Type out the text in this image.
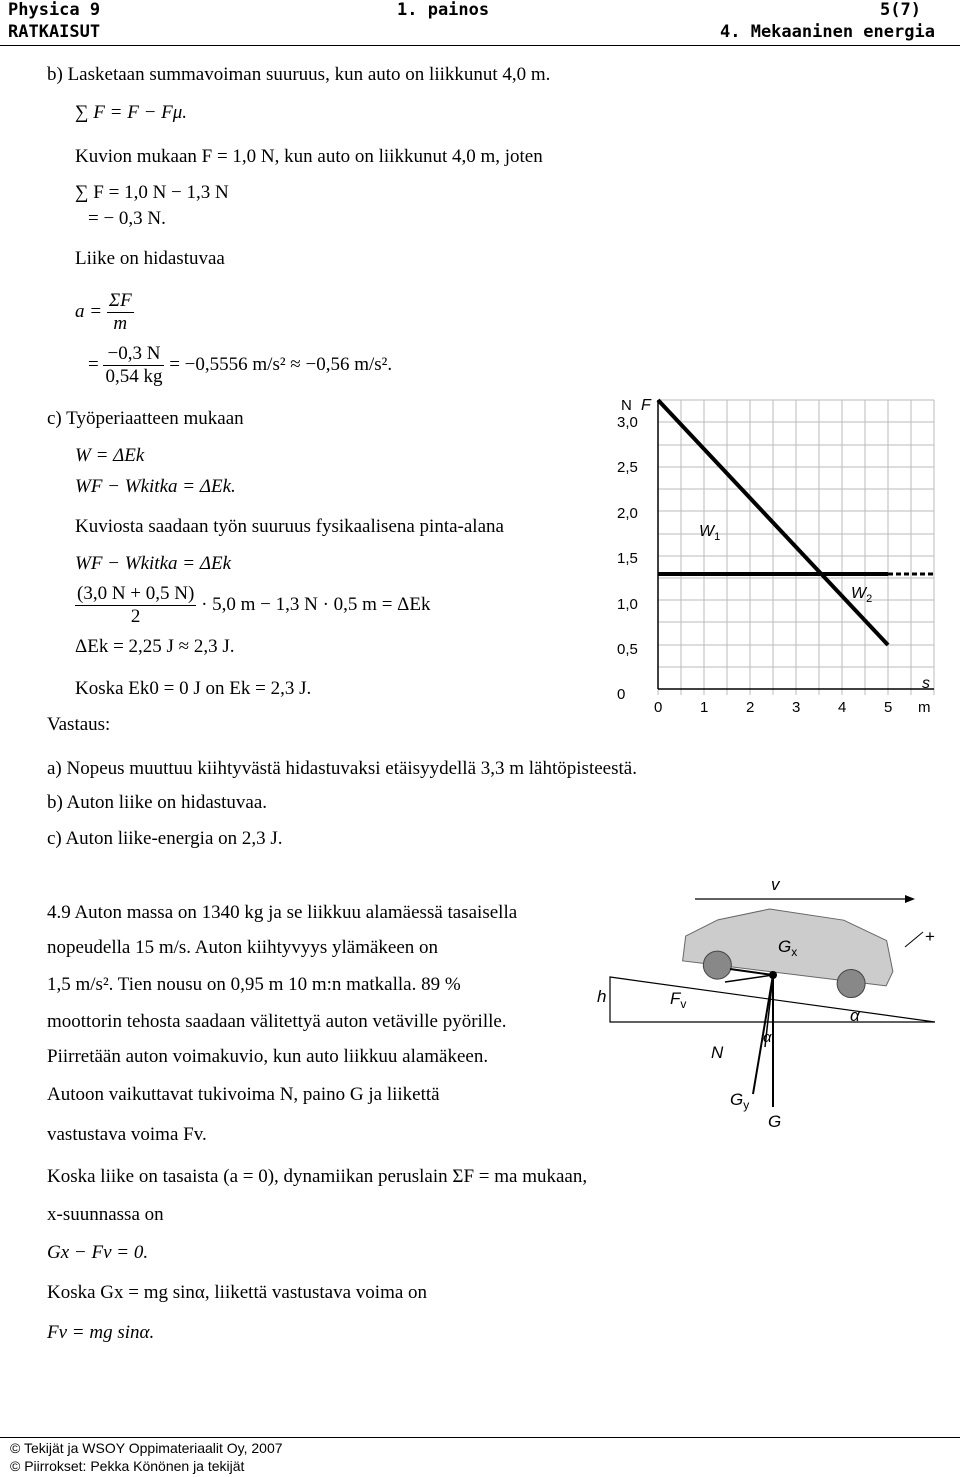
Physica 9	1. painos	5(7)
RATKAISUT	4. Mekaaninen energia
b) Lasketaan summavoiman suuruus, kun auto on liikkunut 4,0 m.
∑ F = F − Fμ.
Kuvion mukaan F = 1,0 N, kun auto on liikkunut 4,0 m, joten
∑ F = 1,0 N − 1,3 N
= − 0,3 N.
Liike on hidastuvaa
$a = \frac{\Sigma F}{m}$
= $\frac{-0,3 N}{0,54 kg} = -0,5556$ m/s² ≈ −0,56 m/s².
c) Työperiaatteen mukaan
W = ΔEk
WF − Wkitka = ΔEk.
Kuviosta saadaan työn suuruus fysikaalisena pinta-alana
WF − Wkitka = ΔEk
$\frac{(3,0 N + 0,5 N)}{2} \cdot 5,0$ m − 1,3 N · 0,5 m = ΔEk
ΔEk = 2,25 J ≈ 2,3 J.
Koska Ek0 = 0 J on Ek = 2,3 J.
Vastaus:
a) Nopeus muuttuu kiihtyvästä hidastuvaksi etäisyydellä 3,3 m lähtöpisteestä.
b) Auton liike on hidastuvaa.
c) Auton liike-energia on 2,3 J.
4.9 Auton massa on 1340 kg ja se liikkuu alamäessä tasaisella
nopeudella 15 m/s. Auton kiihtyvyys ylämäkeen on
1,5 m/s². Tien nousu on 0,95 m 10 m:n matkalla. 89 %
moottorin tehosta saadaan välitettyä auton vetäville pyörille.
Piirretään auton voimakuvio, kun auto liikkuu alamäkeen.
Autoon vaikuttavat tukivoima N, paino G ja liikettä
vastustava voima Fv.
Koska liike on tasaista (a = 0), dynamiikan peruslain ΣF = ma mukaan,
x-suunnassa on
Gx − Fv = 0.
Koska Gx = mg sinα, liikettä vastustava voima on
Fv = mg sinα.
N F
0
0,5
1,0
1,5
2,0
2,5
3,0
0	1	2	3	4	5 m
s
$W_1$
$W_2$
v
+
$G_x$
h	$F_v$
α
N
α
$G_y$
G
© Tekijät ja WSOY Oppimateriaalit Oy, 2007
© Piirrokset: Pekka Könönen ja tekijät
